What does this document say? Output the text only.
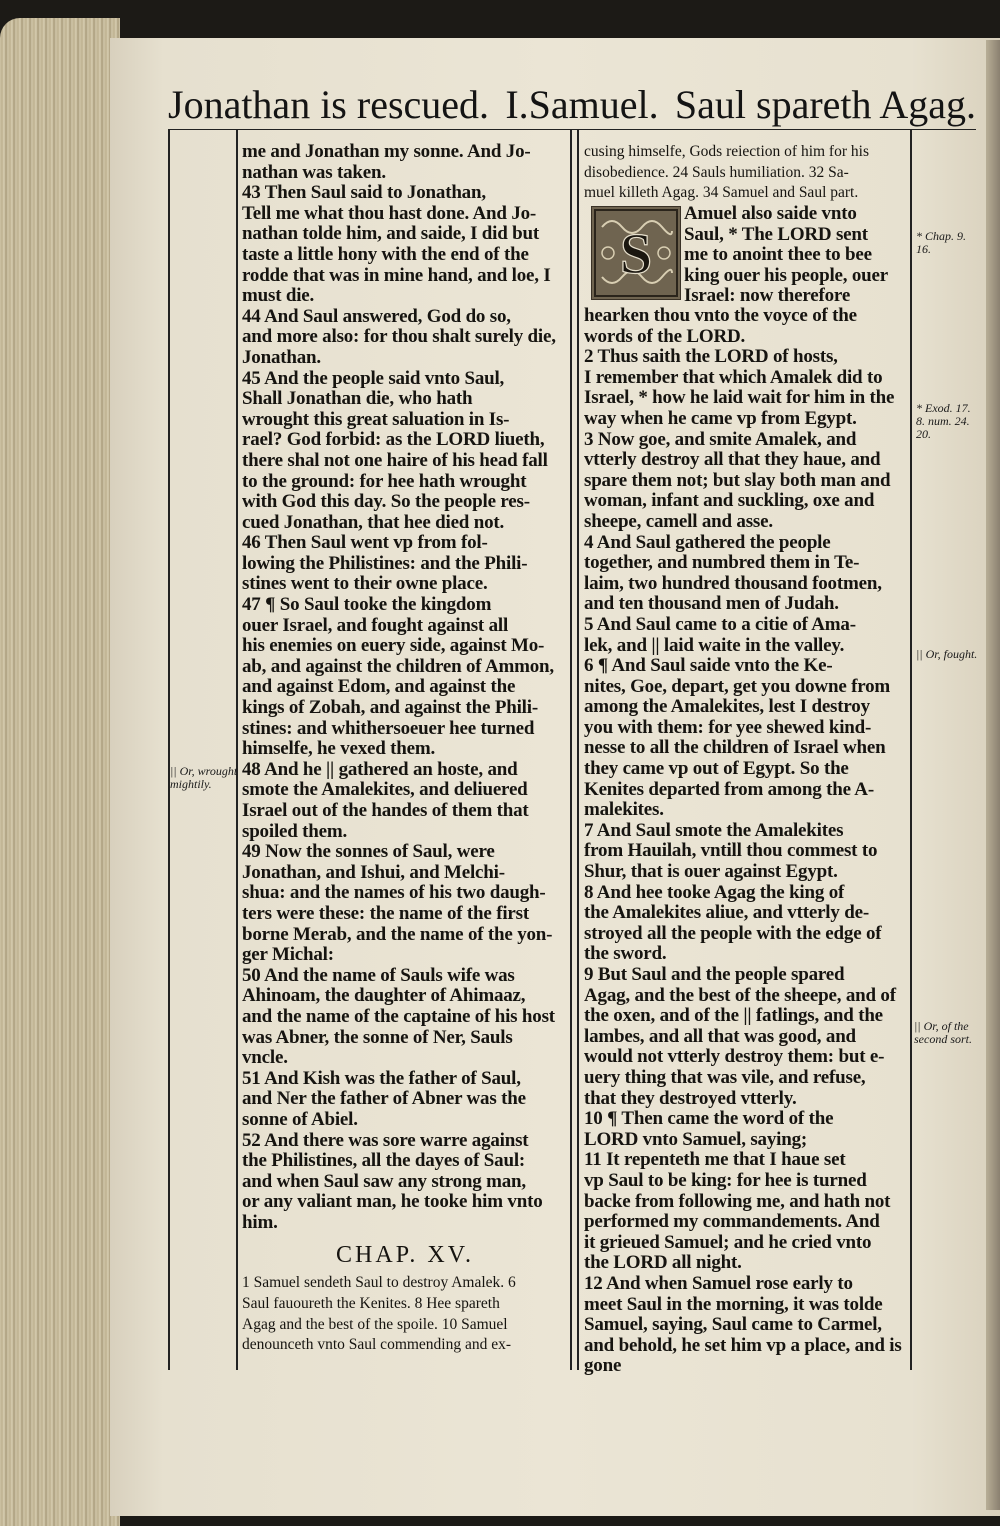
Jonathan is rescued. I.Samuel. Saul spareth Agag.
me and Jonathan my sonne. And Jo-
nathan was taken.
43 Then Saul said to Jonathan,
Tell me what thou hast done. And Jo-
nathan tolde him, and saide, I did but
taste a little hony with the end of the
rodde that was in mine hand, and loe, I
must die.
44 And Saul answered, God do so,
and more also: for thou shalt surely die,
Jonathan.
45 And the people said vnto Saul,
Shall Jonathan die, who hath
wrought this great saluation in Is-
rael? God forbid: as the LORD liueth,
there shal not one haire of his head fall
to the ground: for hee hath wrought
with God this day. So the people res-
cued Jonathan, that hee died not.
46 Then Saul went vp from fol-
lowing the Philistines: and the Phili-
stines went to their owne place.
47 ¶ So Saul tooke the kingdom
ouer Israel, and fought against all
his enemies on euery side, against Mo-
ab, and against the children of Ammon,
and against Edom, and against the
kings of Zobah, and against the Phili-
stines: and whithersoeuer hee turned
himselfe, he vexed them.
48 And he || gathered an hoste, and
smote the Amalekites, and deliuered
Israel out of the handes of them that
spoiled them.
49 Now the sonnes of Saul, were
Jonathan, and Ishui, and Melchi-
shua: and the names of his two daugh-
ters were these: the name of the first
borne Merab, and the name of the yon-
ger Michal:
50 And the name of Sauls wife was
Ahinoam, the daughter of Ahimaaz,
and the name of the captaine of his host
was Abner, the sonne of Ner, Sauls
vncle.
51 And Kish was the father of Saul,
and Ner the father of Abner was the
sonne of Abiel.
52 And there was sore warre against
the Philistines, all the dayes of Saul:
and when Saul saw any strong man,
or any valiant man, he tooke him vnto
him.
CHAP. XV.
1 Samuel sendeth Saul to destroy Amalek. 6
Saul fauoureth the Kenites. 8 Hee spareth
Agag and the best of the spoile. 10 Samuel
denounceth vnto Saul commending and ex-
cusing himselfe, Gods reiection of him for his
disobedience. 24 Sauls humiliation. 32 Sa-
muel killeth Agag. 34 Samuel and Saul part.
S
Amuel also saide vnto
Saul, * The LORD sent
me to anoint thee to bee
king ouer his people, ouer
Israel: now therefore
hearken thou vnto the voyce of the
words of the LORD.
2 Thus saith the LORD of hosts,
I remember that which Amalek did to
Israel, * how he laid wait for him in the
way when he came vp from Egypt.
3 Now goe, and smite Amalek, and
vtterly destroy all that they haue, and
spare them not; but slay both man and
woman, infant and suckling, oxe and
sheepe, camell and asse.
4 And Saul gathered the people
together, and numbred them in Te-
laim, two hundred thousand footmen,
and ten thousand men of Judah.
5 And Saul came to a citie of Ama-
lek, and || laid waite in the valley.
6 ¶ And Saul saide vnto the Ke-
nites, Goe, depart, get you downe from
among the Amalekites, lest I destroy
you with them: for yee shewed kind-
nesse to all the children of Israel when
they came vp out of Egypt. So the
Kenites departed from among the A-
malekites.
7 And Saul smote the Amalekites
from Hauilah, vntill thou commest to
Shur, that is ouer against Egypt.
8 And hee tooke Agag the king of
the Amalekites aliue, and vtterly de-
stroyed all the people with the edge of
the sword.
9 But Saul and the people spared
Agag, and the best of the sheepe, and of
the oxen, and of the || fatlings, and the
lambes, and all that was good, and
would not vtterly destroy them: but e-
uery thing that was vile, and refuse,
that they destroyed vtterly.
10 ¶ Then came the word of the
LORD vnto Samuel, saying;
11 It repenteth me that I haue set
vp Saul to be king: for hee is turned
backe from following me, and hath not
performed my commandements. And
it grieued Samuel; and he cried vnto
the LORD all night.
12 And when Samuel rose early to
meet Saul in the morning, it was tolde
Samuel, saying, Saul came to Carmel,
and behold, he set him vp a place, and is
gone
|| Or, wrought
mightily.
* Chap. 9.
16.
* Exod. 17.
8. num. 24.
20.
|| Or, fought.
|| Or, of the
second sort.
